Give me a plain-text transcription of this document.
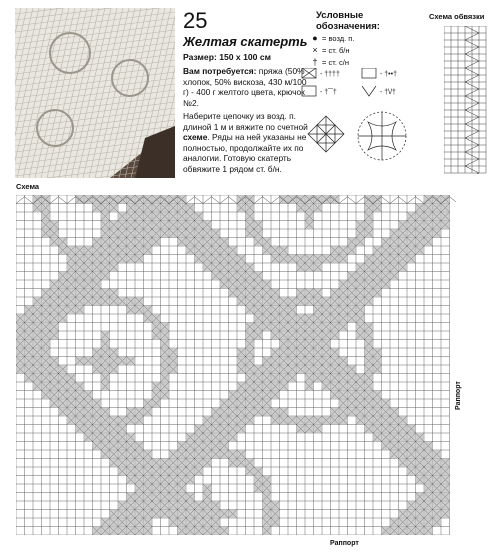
25
Желтая скатерть
Размер: 150 x 100 см
Вам потребуется: пряжа (50% хлопок, 50% вискоза, 430 м/100 г) - 400 г желтого цвета, крючок №2.
Наберите цепочку из возд. п. длиной 1 м и вяжите по счетной схеме. Ряды на ней указаны не полностью, продолжайте их по аналогии. Готовую скатерть обвяжите 1 рядом ст. б/н.
Условные обозначения:
● = возд. п.
× = ст. б/н
† = ст. с/н
- ††††	- †••†
- †‾‾†	- †\/†
Схема обвязки
Схема
Раппорт
Раппорт
